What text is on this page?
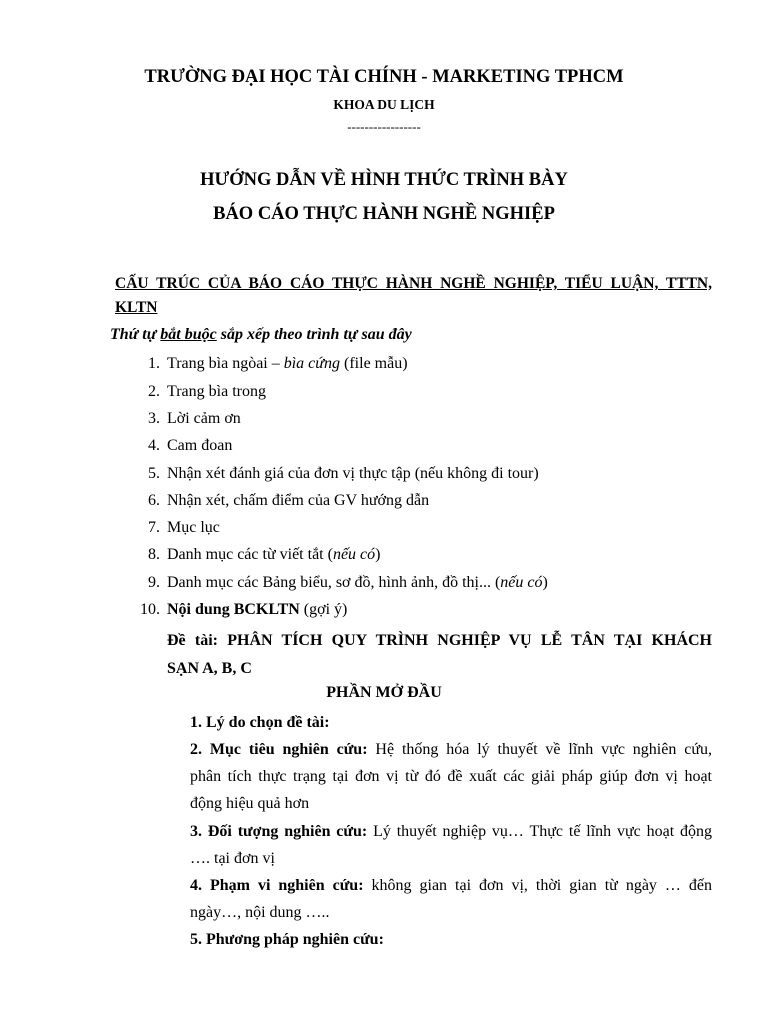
TRƯỜNG ĐẠI HỌC TÀI CHÍNH - MARKETING TPHCM
KHOA DU LỊCH
-----------------
HƯỚNG DẪN VỀ HÌNH THỨC TRÌNH BÀY
BÁO CÁO THỰC HÀNH NGHỀ NGHIỆP
CẤU TRÚC CỦA BÁO CÁO THỰC HÀNH NGHỀ NGHIỆP, TIỂU LUẬN, TTTN,
KLTN
Thứ tự bắt buộc sắp xếp theo trình tự sau đây
1. Trang bìa ngòai – bìa cứng (file mẫu)
2. Trang bìa trong
3. Lời cảm ơn
4. Cam đoan
5. Nhận xét đánh giá của đơn vị thực tập (nếu không đi tour)
6. Nhận xét, chấm điểm của GV hướng dẫn
7. Mục lục
8. Danh mục các từ viết tắt (nếu có)
9. Danh mục các Bảng biểu, sơ đồ, hình ảnh, đồ thị... (nếu có)
10. Nội dung BCKLTN (gợi ý)
Đề tài: PHÂN TÍCH QUY TRÌNH NGHIỆP VỤ LỄ TÂN TẠI KHÁCH
SẠN A, B, C
PHẦN MỞ ĐẦU
1. Lý do chọn đề tài:
2. Mục tiêu nghiên cứu: Hệ thống hóa lý thuyết về lĩnh vực nghiên cứu,
phân tích thực trạng tại đơn vị từ đó đề xuất các giải pháp giúp đơn vị hoạt
động hiệu quả hơn
3. Đối tượng nghiên cứu: Lý thuyết nghiệp vụ… Thực tế lĩnh vực hoạt động
…. tại đơn vị
4. Phạm vi nghiên cứu: không gian tại đơn vị, thời gian từ ngày … đến
ngày…, nội dung …..
5. Phương pháp nghiên cứu:
